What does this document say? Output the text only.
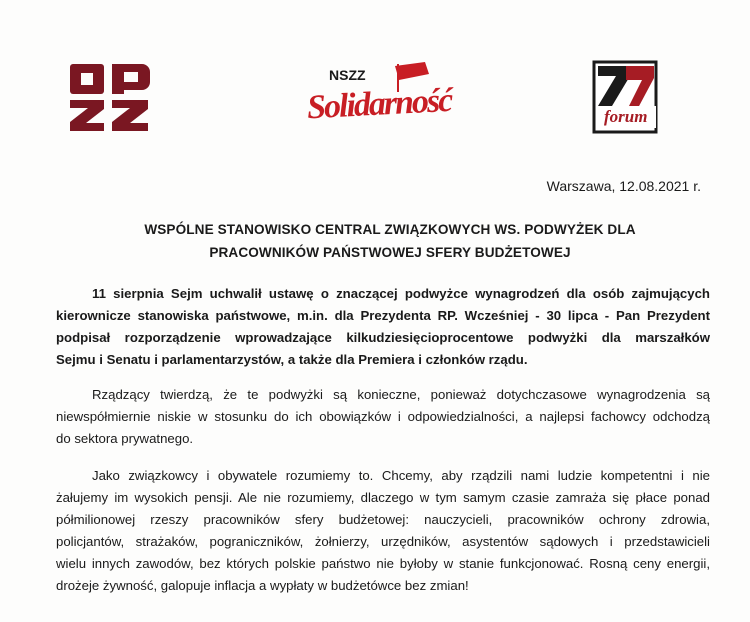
NSZZ
Solidarność	forum
Warszawa, 12.08.2021 r.
WSPÓLNE STANOWISKO CENTRAL ZWIĄZKOWYCH WS. PODWYŻEK DLA
PRACOWNIKÓW PAŃSTWOWEJ SFERY BUDŻETOWEJ
11 sierpnia Sejm uchwalił ustawę o znaczącej podwyżce wynagrodzeń dla osób zajmujących
kierownicze stanowiska państwowe, m.in. dla Prezydenta RP. Wcześniej - 30 lipca - Pan Prezydent
podpisał rozporządzenie wprowadzające kilkudziesięcioprocentowe podwyżki dla marszałków
Sejmu i Senatu i parlamentarzystów, a także dla Premiera i członków rządu.
Rządzący twierdzą, że te podwyżki są konieczne, ponieważ dotychczasowe wynagrodzenia są
niewspółmiernie niskie w stosunku do ich obowiązków i odpowiedzialności, a najlepsi fachowcy odchodzą
do sektora prywatnego.
Jako związkowcy i obywatele rozumiemy to. Chcemy, aby rządzili nami ludzie kompetentni i nie
żałujemy im wysokich pensji. Ale nie rozumiemy, dlaczego w tym samym czasie zamraża się płace ponad
półmilionowej rzeszy pracowników sfery budżetowej: nauczycieli, pracowników ochrony zdrowia,
policjantów, strażaków, pograniczników, żołnierzy, urzędników, asystentów sądowych i przedstawicieli
wielu innych zawodów, bez których polskie państwo nie byłoby w stanie funkcjonować. Rosną ceny energii,
drożeje żywność, galopuje inflacja a wypłaty w budżetówce bez zmian!
